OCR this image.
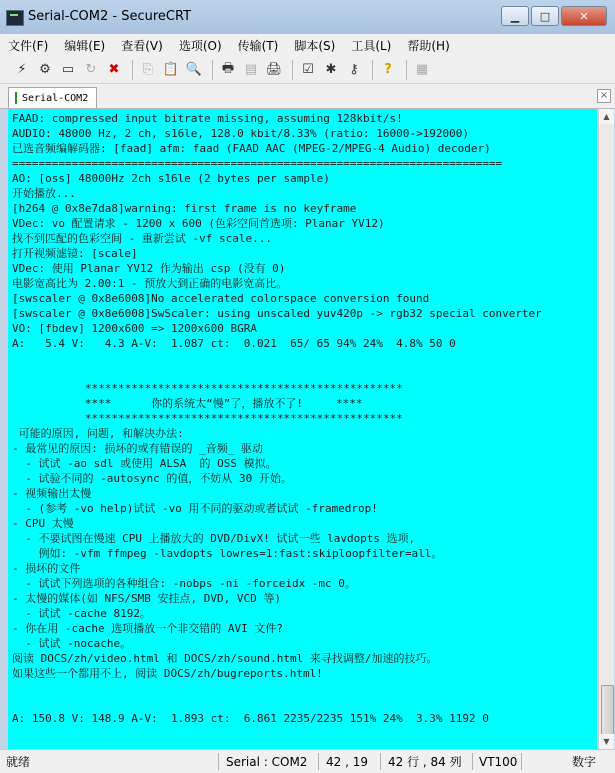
Serial-COM2 - SecureCRT	▁	□	✕
文件(F)	编辑(E)	查看(V)	选项(O)	传输(T)	脚本(S)	工具(L)	帮助(H)
⚡ ⚙ ▭ ↻ ✖	⎘ 📋 🔍 🖶 ▤ 🖨	☑ ✱ ⚷	?	▦
Serial-COM2	×
FAAD: compressed input bitrate missing, assuming 128kbit/s!
AUDIO: 48000 Hz, 2 ch, s16le, 128.0 kbit/8.33% (ratio: 16000->192000)
已选音频编解码器: [faad] afm: faad (FAAD AAC (MPEG-2/MPEG-4 Audio) decoder)
==========================================================================
AO: [oss] 48000Hz 2ch s16le (2 bytes per sample)
开始播放...
[h264 @ 0x8e7da8]warning: first frame is no keyframe
VDec: vo 配置请求 - 1200 x 600 (色彩空间首选项: Planar YV12)
找不到匹配的色彩空间 - 重新尝试 -vf scale...
打开视频滤镜: [scale]
VDec: 使用 Planar YV12 作为输出 csp (没有 0)
电影宽高比为 2.00:1 - 预放大到正确的电影宽高比。
[swscaler @ 0x8e6008]No accelerated colorspace conversion found
[swscaler @ 0x8e6008]SwScaler: using unscaled yuv420p -> rgb32 special converter
VO: [fbdev] 1200x600 => 1200x600 BGRA
A:   5.4 V:   4.3 A-V:  1.087 ct:  0.021  65/ 65 94% 24%  4.8% 50 0
************************************************
****      你的系统太“慢”了，播放不了!     ****
************************************************
可能的原因, 问题, 和解决办法:
- 最常见的原因: 损坏的或有错误的 _音频_ 驱动
- 试试 -ao sdl 或使用 ALSA  的 OSS 模拟。
- 试验不同的 -autosync 的值，不妨从 30 开始。
- 视频输出太慢
- (参考 -vo help)试试 -vo 用不同的驱动或者试试 -framedrop!
- CPU 太慢
- 不要试图在慢速 CPU 上播放大的 DVD/DivX! 试试一些 lavdopts 选项,
例如: -vfm ffmpeg -lavdopts lowres=1:fast:skiploopfilter=all。
- 损坏的文件
- 试试下列选项的各种组合: -nobps -ni -forceidx -mc 0。
- 太慢的媒体(如 NFS/SMB 安挂点, DVD, VCD 等)
- 试试 -cache 8192。
- 你在用 -cache 选项播放一个非交错的 AVI 文件?
- 试试 -nocache。
阅读 DOCS/zh/video.html 和 DOCS/zh/sound.html 来寻找调整/加速的技巧。
如果这些一个都用不上, 阅读 DOCS/zh/bugreports.html!
A: 150.8 V: 148.9 A-V:  1.893 ct:  6.861 2235/2235 151% 24%  3.3% 1192 0
▲
▼
就绪	Serial : COM2 42 , 19 42 行 , 84 列 VT100	数字
